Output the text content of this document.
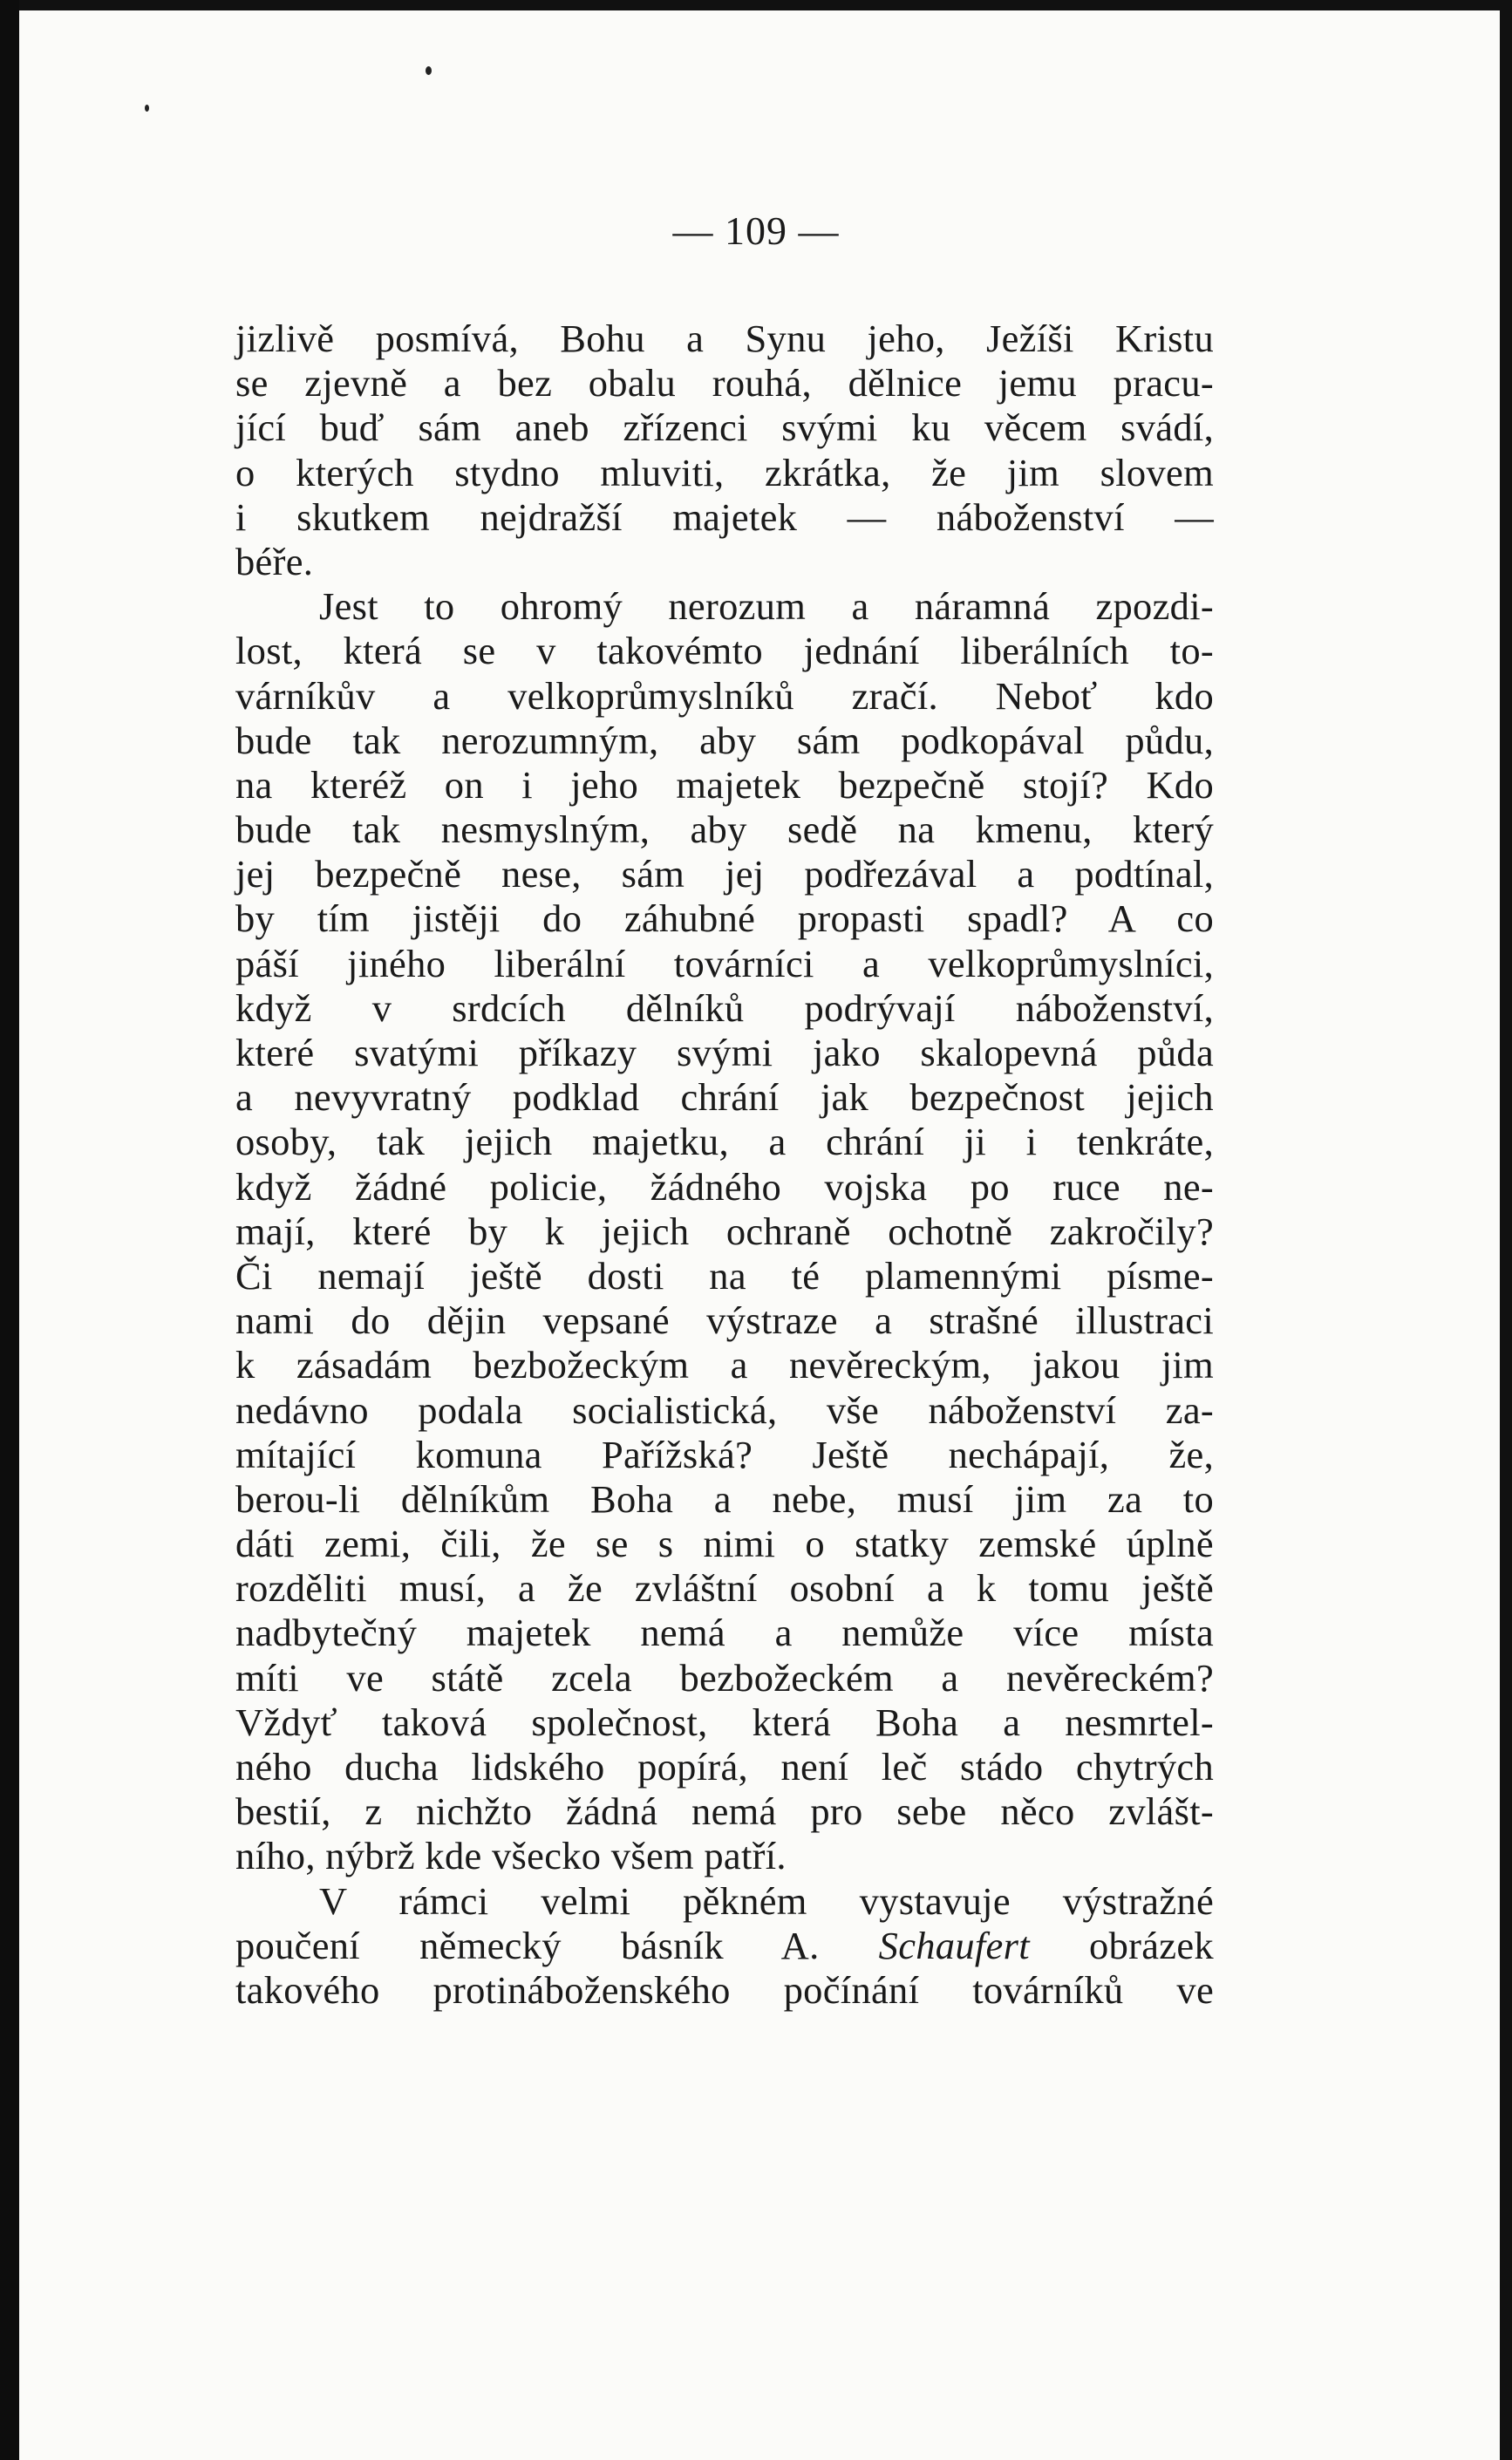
— 109 —
jizlivě posmívá, Bohu a Synu jeho, Ježíši Kristu
se zjevně a bez obalu rouhá, dělnice jemu pracu-
jící buď sám aneb zřízenci svými ku věcem svádí,
o kterých stydno mluviti, zkrátka, že jim slovem
i skutkem nejdražší majetek — náboženství —
béře.
Jest to ohromý nerozum a náramná zpozdi-
lost, která se v takovémto jednání liberálních to-
várníkův a velkoprůmyslníků zračí. Neboť kdo
bude tak nerozumným, aby sám podkopával půdu,
na kteréž on i jeho majetek bezpečně stojí? Kdo
bude tak nesmyslným, aby sedě na kmenu, který
jej bezpečně nese, sám jej podřezával a podtínal,
by tím jistěji do záhubné propasti spadl? A co
páší jiného liberální továrníci a velkoprůmyslníci,
když v srdcích dělníků podrývají náboženství,
které svatými příkazy svými jako skalopevná půda
a nevyvratný podklad chrání jak bezpečnost jejich
osoby, tak jejich majetku, a chrání ji i tenkráte,
když žádné policie, žádného vojska po ruce ne-
mají, které by k jejich ochraně ochotně zakročily?
Či nemají ještě dosti na té plamennými písme-
nami do dějin vepsané výstraze a strašné illustraci
k zásadám bezbožeckým a nevěreckým, jakou jim
nedávno podala socialistická, vše náboženství za-
mítající komuna Pařížská? Ještě nechápají, že,
berou-li dělníkům Boha a nebe, musí jim za to
dáti zemi, čili, že se s nimi o statky zemské úplně
rozděliti musí, a že zvláštní osobní a k tomu ještě
nadbytečný majetek nemá a nemůže více místa
míti ve státě zcela bezbožeckém a nevěreckém?
Vždyť taková společnost, která Boha a nesmrtel-
ného ducha lidského popírá, není leč stádo chytrých
bestií, z nichžto žádná nemá pro sebe něco zvlášt-
ního, nýbrž kde všecko všem patří.
V rámci velmi pěkném vystavuje výstražné
poučení německý básník A. Schaufert obrázek
takového protináboženského počínání továrníků ve
